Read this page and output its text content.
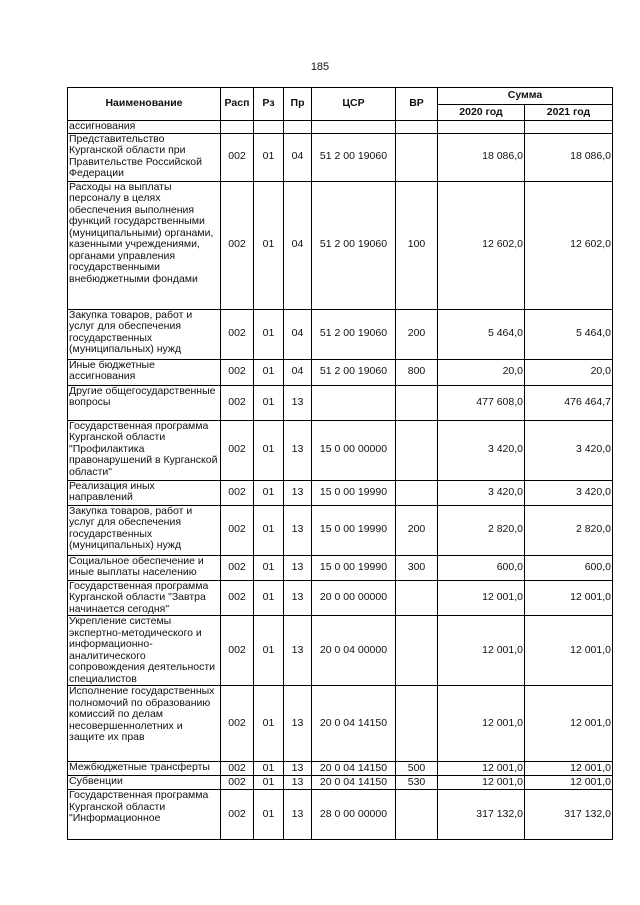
185
Наименование	Расп	Рз	Пр	ЦСР	ВР	Сумма	
						2020 год	2021 год
ассигнования							
Представительство Курганской области при Правительстве Российской Федерации	002	01	04	51 2 00 19060		18 086,0	18 086,0
Расходы на выплаты персоналу в целях обеспечения выполнения функций государственными (муниципальными) органами, казенными учреждениями, органами управления государственными внебюджетными фондами	002	01	04	51 2 00 19060	100	12 602,0	12 602,0
Закупка товаров, работ и услуг для обеспечения государственных (муниципальных) нужд	002	01	04	51 2 00 19060	200	5 464,0	5 464,0
Иные бюджетные ассигнования	002	01	04	51 2 00 19060	800	20,0	20,0
Другие общегосударственные вопросы	002	01	13			477 608,0	476 464,7
Государственная программа Курганской области "Профилактика правонарушений в Курганской области"	002	01	13	15 0 00 00000		3 420,0	3 420,0
Реализация иных направлений	002	01	13	15 0 00 19990		3 420,0	3 420,0
Закупка товаров, работ и услуг для обеспечения государственных (муниципальных) нужд	002	01	13	15 0 00 19990	200	2 820,0	2 820,0
Социальное обеспечение и иные выплаты населению	002	01	13	15 0 00 19990	300	600,0	600,0
Государственная программа Курганской области "Завтра начинается сегодня"	002	01	13	20 0 00 00000		12 001,0	12 001,0
Укрепление системы экспертно-методического и информационно-аналитического сопровождения деятельности специалистов	002	01	13	20 0 04 00000		12 001,0	12 001,0
Исполнение государственных полномочий по образованию комиссий по делам несовершеннолетних и защите их прав	002	01	13	20 0 04 14150		12 001,0	12 001,0
Межбюджетные трансферты	002	01	13	20 0 04 14150	500	12 001,0	12 001,0
Субвенции	002	01	13	20 0 04 14150	530	12 001,0	12 001,0
Государственная программа Курганской области "Информационное	002	01	13	28 0 00 00000		317 132,0	317 132,0
